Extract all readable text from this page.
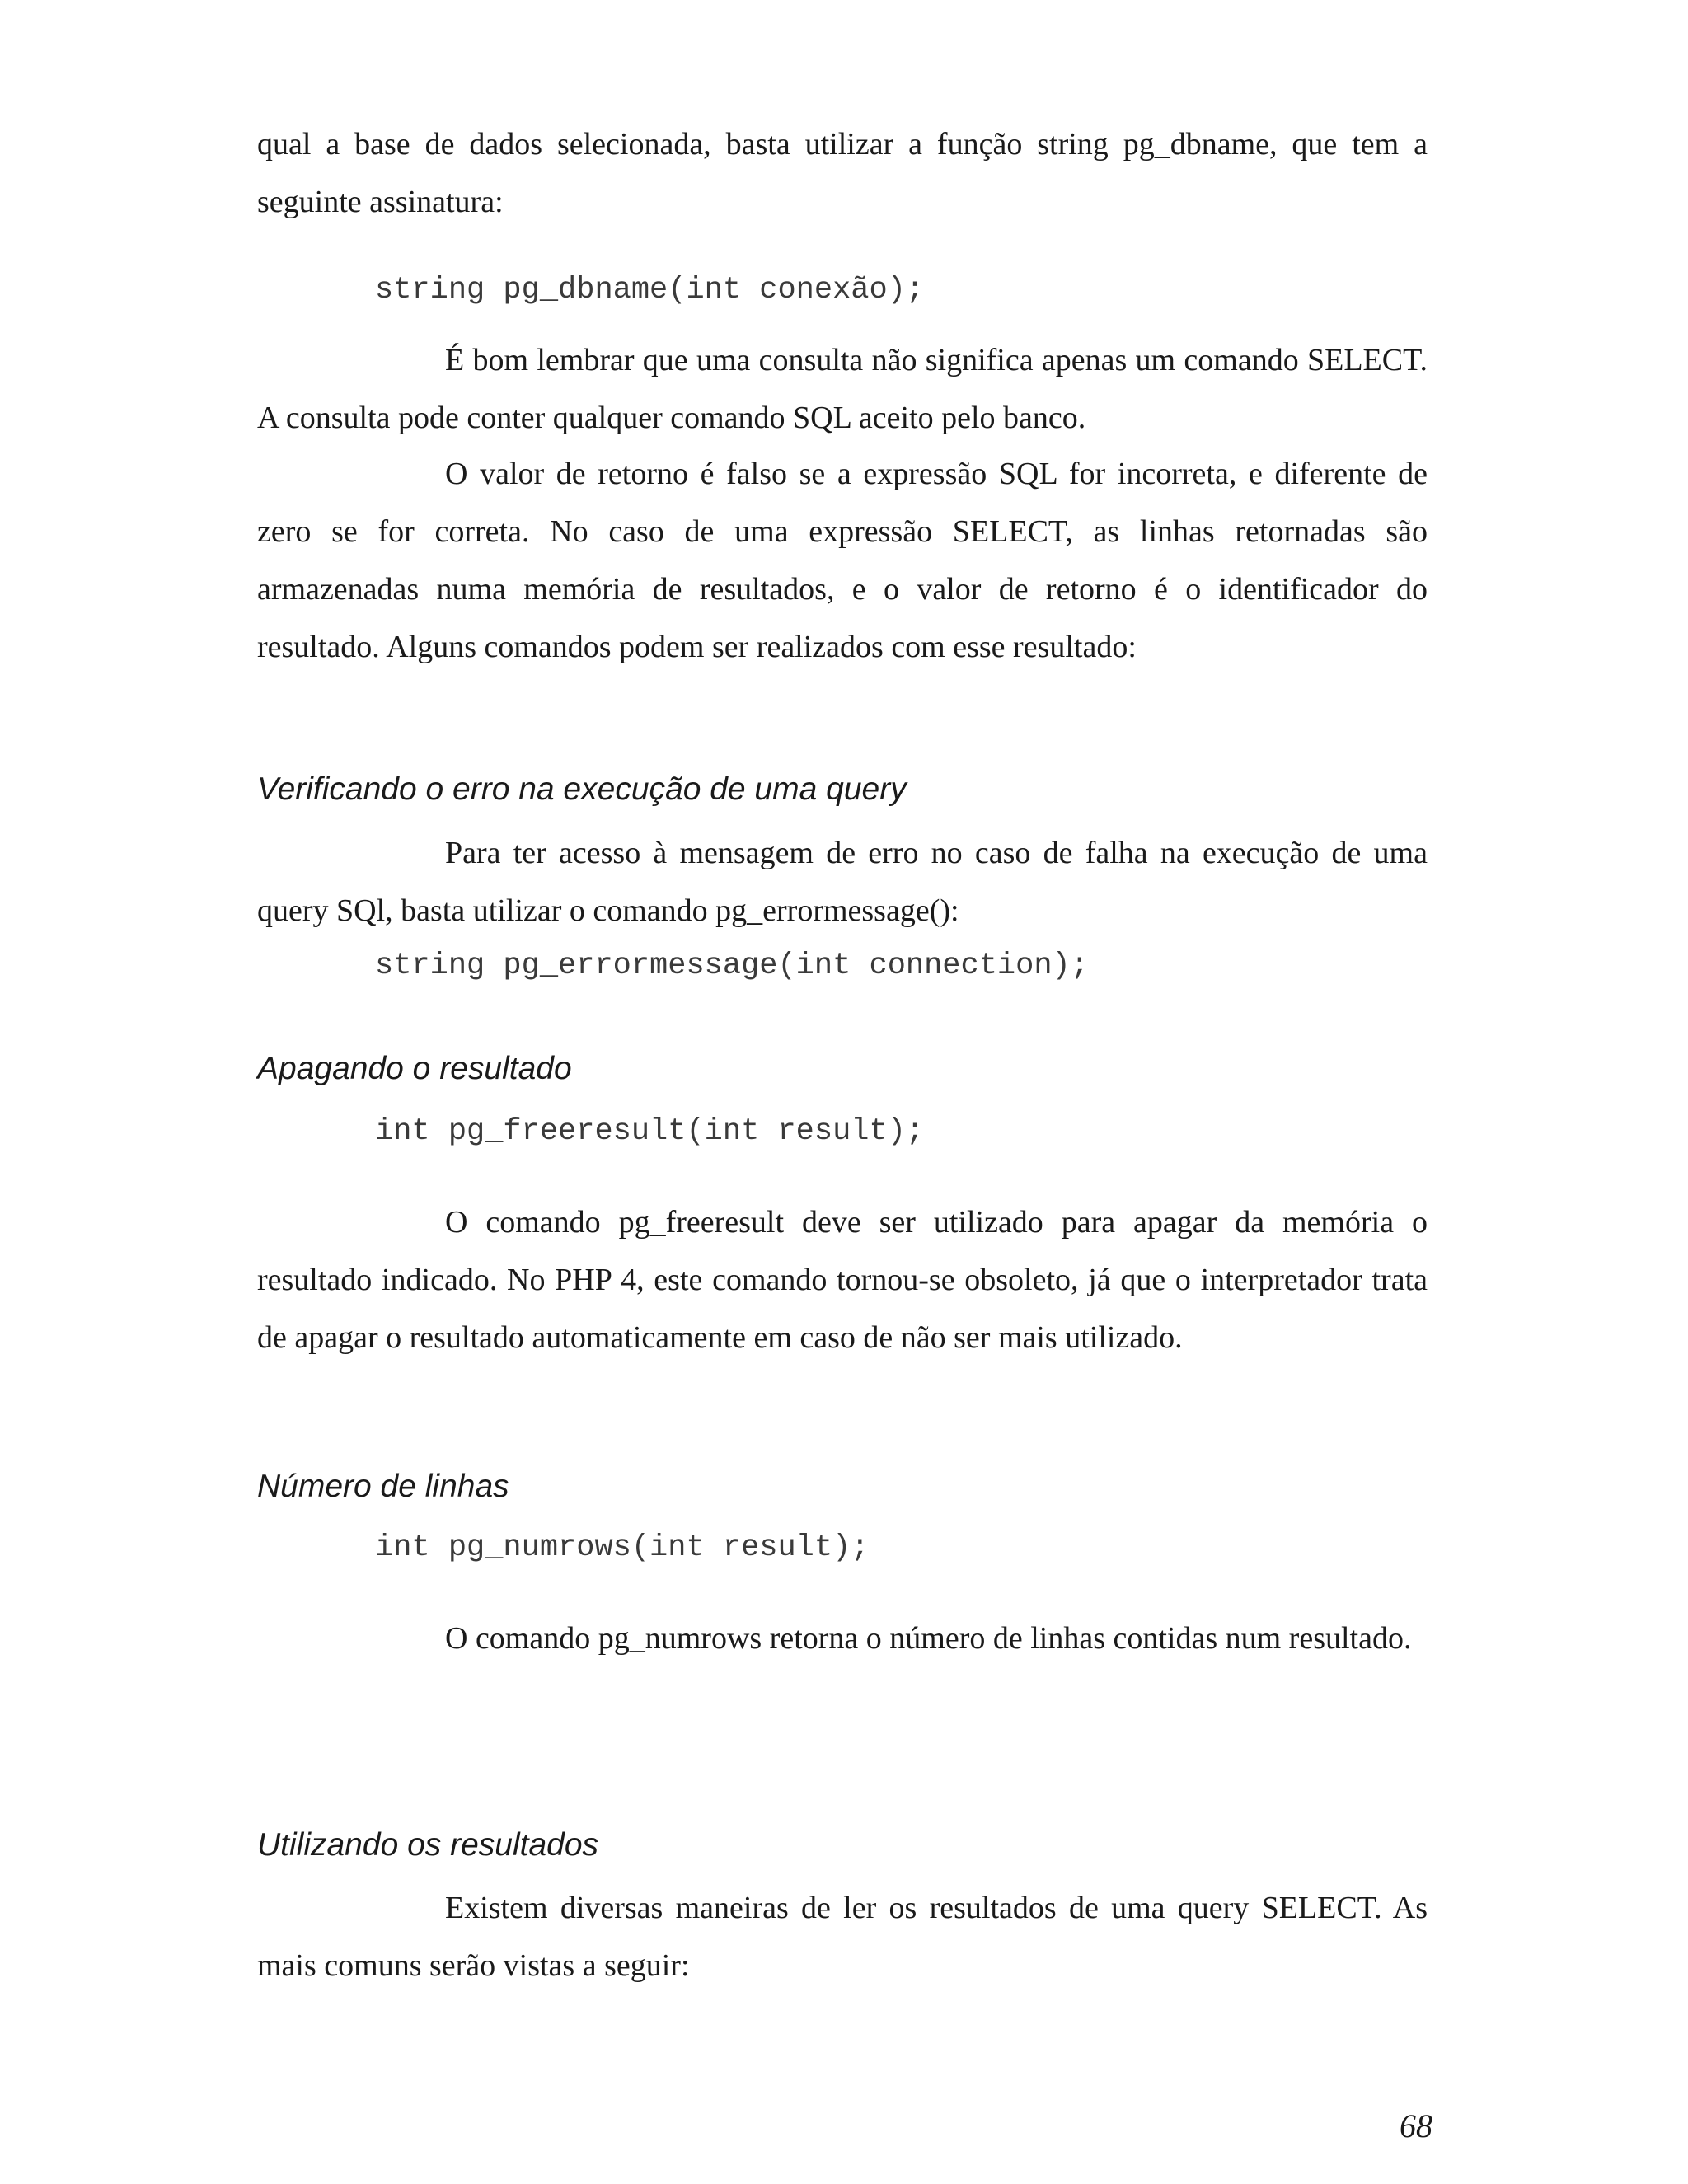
qual a base de dados selecionada, basta utilizar a função string pg_dbname, que tem a seguinte assinatura:

string pg_dbname(int conexão);

É bom lembrar que uma consulta não significa apenas um comando SELECT. A consulta pode conter qualquer comando SQL aceito pelo banco.

O valor de retorno é falso se a expressão SQL for incorreta, e diferente de zero se for correta. No caso de uma expressão SELECT, as linhas retornadas são armazenadas numa memória de resultados, e o valor de retorno é o identificador do resultado. Alguns comandos podem ser realizados com esse resultado:

Verificando o erro na execução de uma query

Para ter acesso à mensagem de erro no caso de falha na execução de uma query SQl, basta utilizar o comando pg_errormessage():

string pg_errormessage(int connection);
Apagando o resultado
int pg_freeresult(int result);

O comando pg_freeresult deve ser utilizado para apagar da memória o resultado indicado. No PHP 4, este comando tornou-se obsoleto, já que o interpretador trata de apagar o resultado automaticamente em caso de não ser mais utilizado.

Número de linhas
int pg_numrows(int result);

O comando pg_numrows retorna o número de linhas contidas num resultado.

Utilizando os resultados

Existem diversas maneiras de ler os resultados de uma query SELECT. As mais comuns serão vistas a seguir:

68
